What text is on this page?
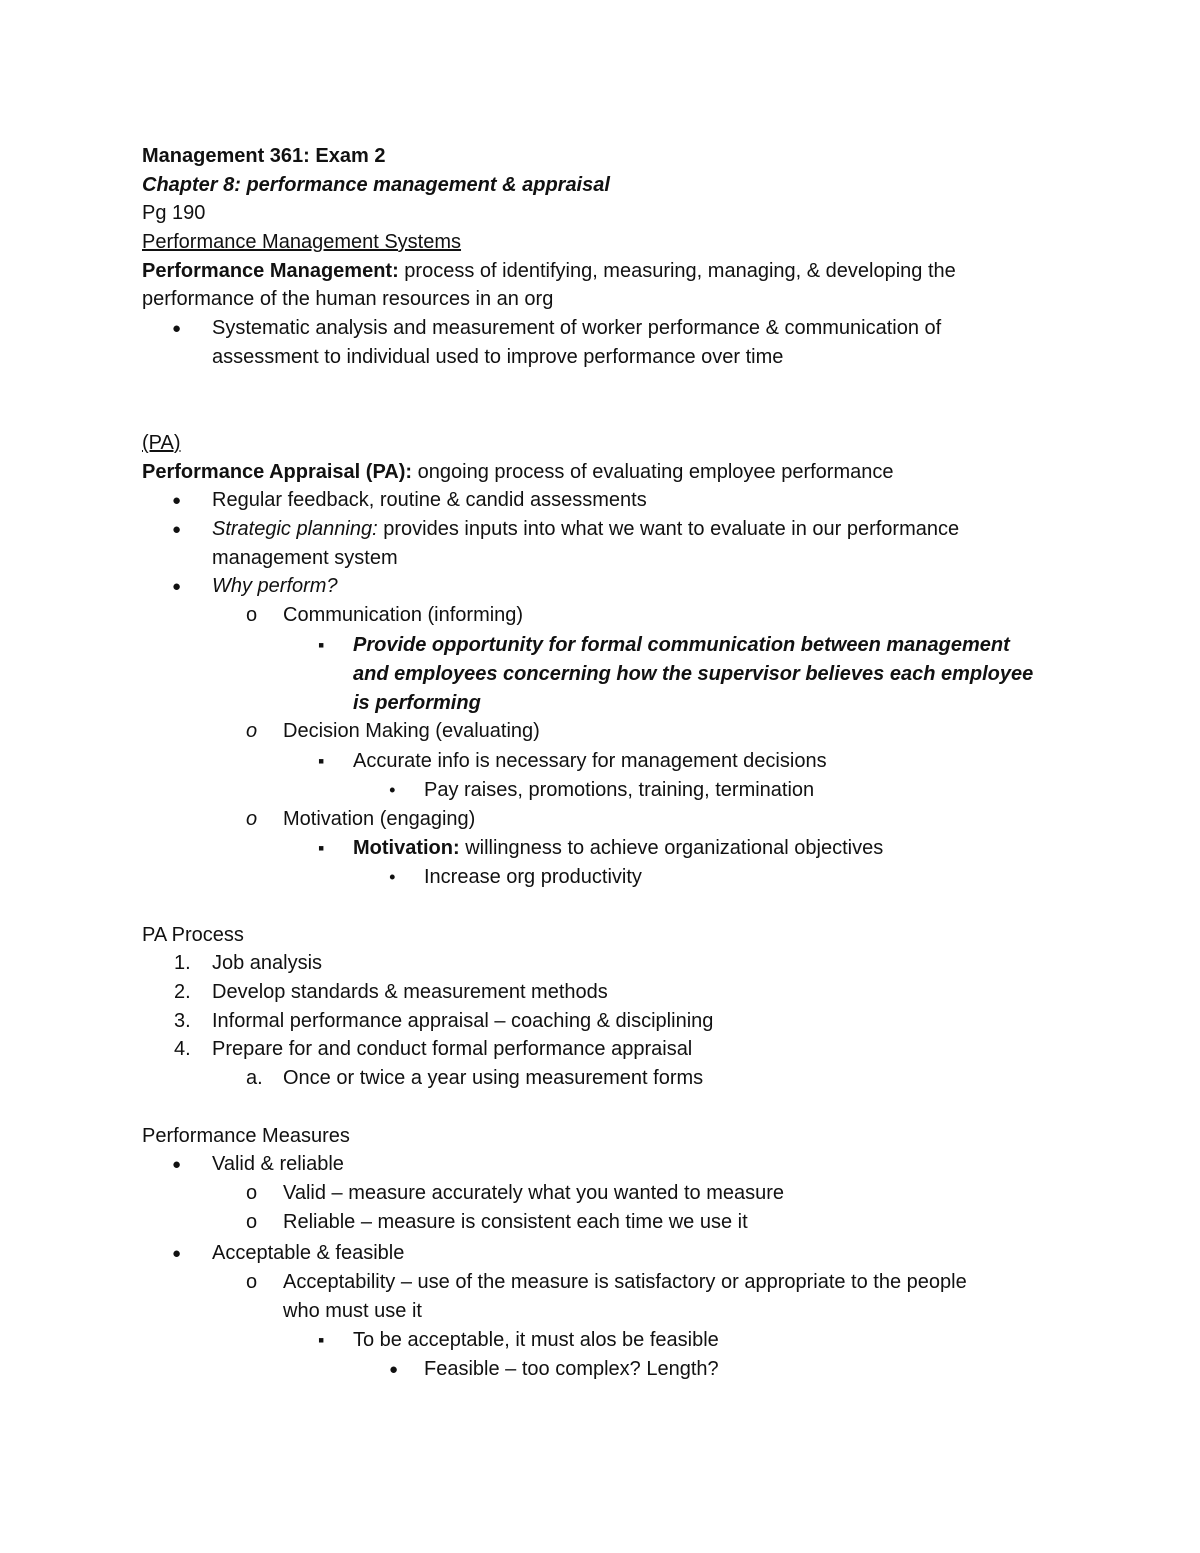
Management 361: Exam 2
Chapter 8: performance management & appraisal
Pg 190
Performance Management Systems
Performance Management: process of identifying, measuring, managing, & developing the
performance of the human resources in an org
● Systematic analysis and measurement of worker performance & communication of
assessment to individual used to improve performance over time
(PA)
Performance Appraisal (PA): ongoing process of evaluating employee performance
● Regular feedback, routine & candid assessments
● Strategic planning: provides inputs into what we want to evaluate in our performance
management system
● Why perform?
o Communication (informing)
▪ Provide opportunity for formal communication between management
and employees concerning how the supervisor believes each employee
is performing
o Decision Making (evaluating)
▪ Accurate info is necessary for management decisions
• Pay raises, promotions, training, termination
o Motivation (engaging)
▪ Motivation: willingness to achieve organizational objectives
• Increase org productivity
PA Process
1. Job analysis
2. Develop standards & measurement methods
3. Informal performance appraisal – coaching & disciplining
4. Prepare for and conduct formal performance appraisal
a. Once or twice a year using measurement forms
Performance Measures
● Valid & reliable
o Valid – measure accurately what you wanted to measure
o Reliable – measure is consistent each time we use it
● Acceptable & feasible
o Acceptability – use of the measure is satisfactory or appropriate to the people
who must use it
▪ To be acceptable, it must alos be feasible
● Feasible – too complex? Length?
